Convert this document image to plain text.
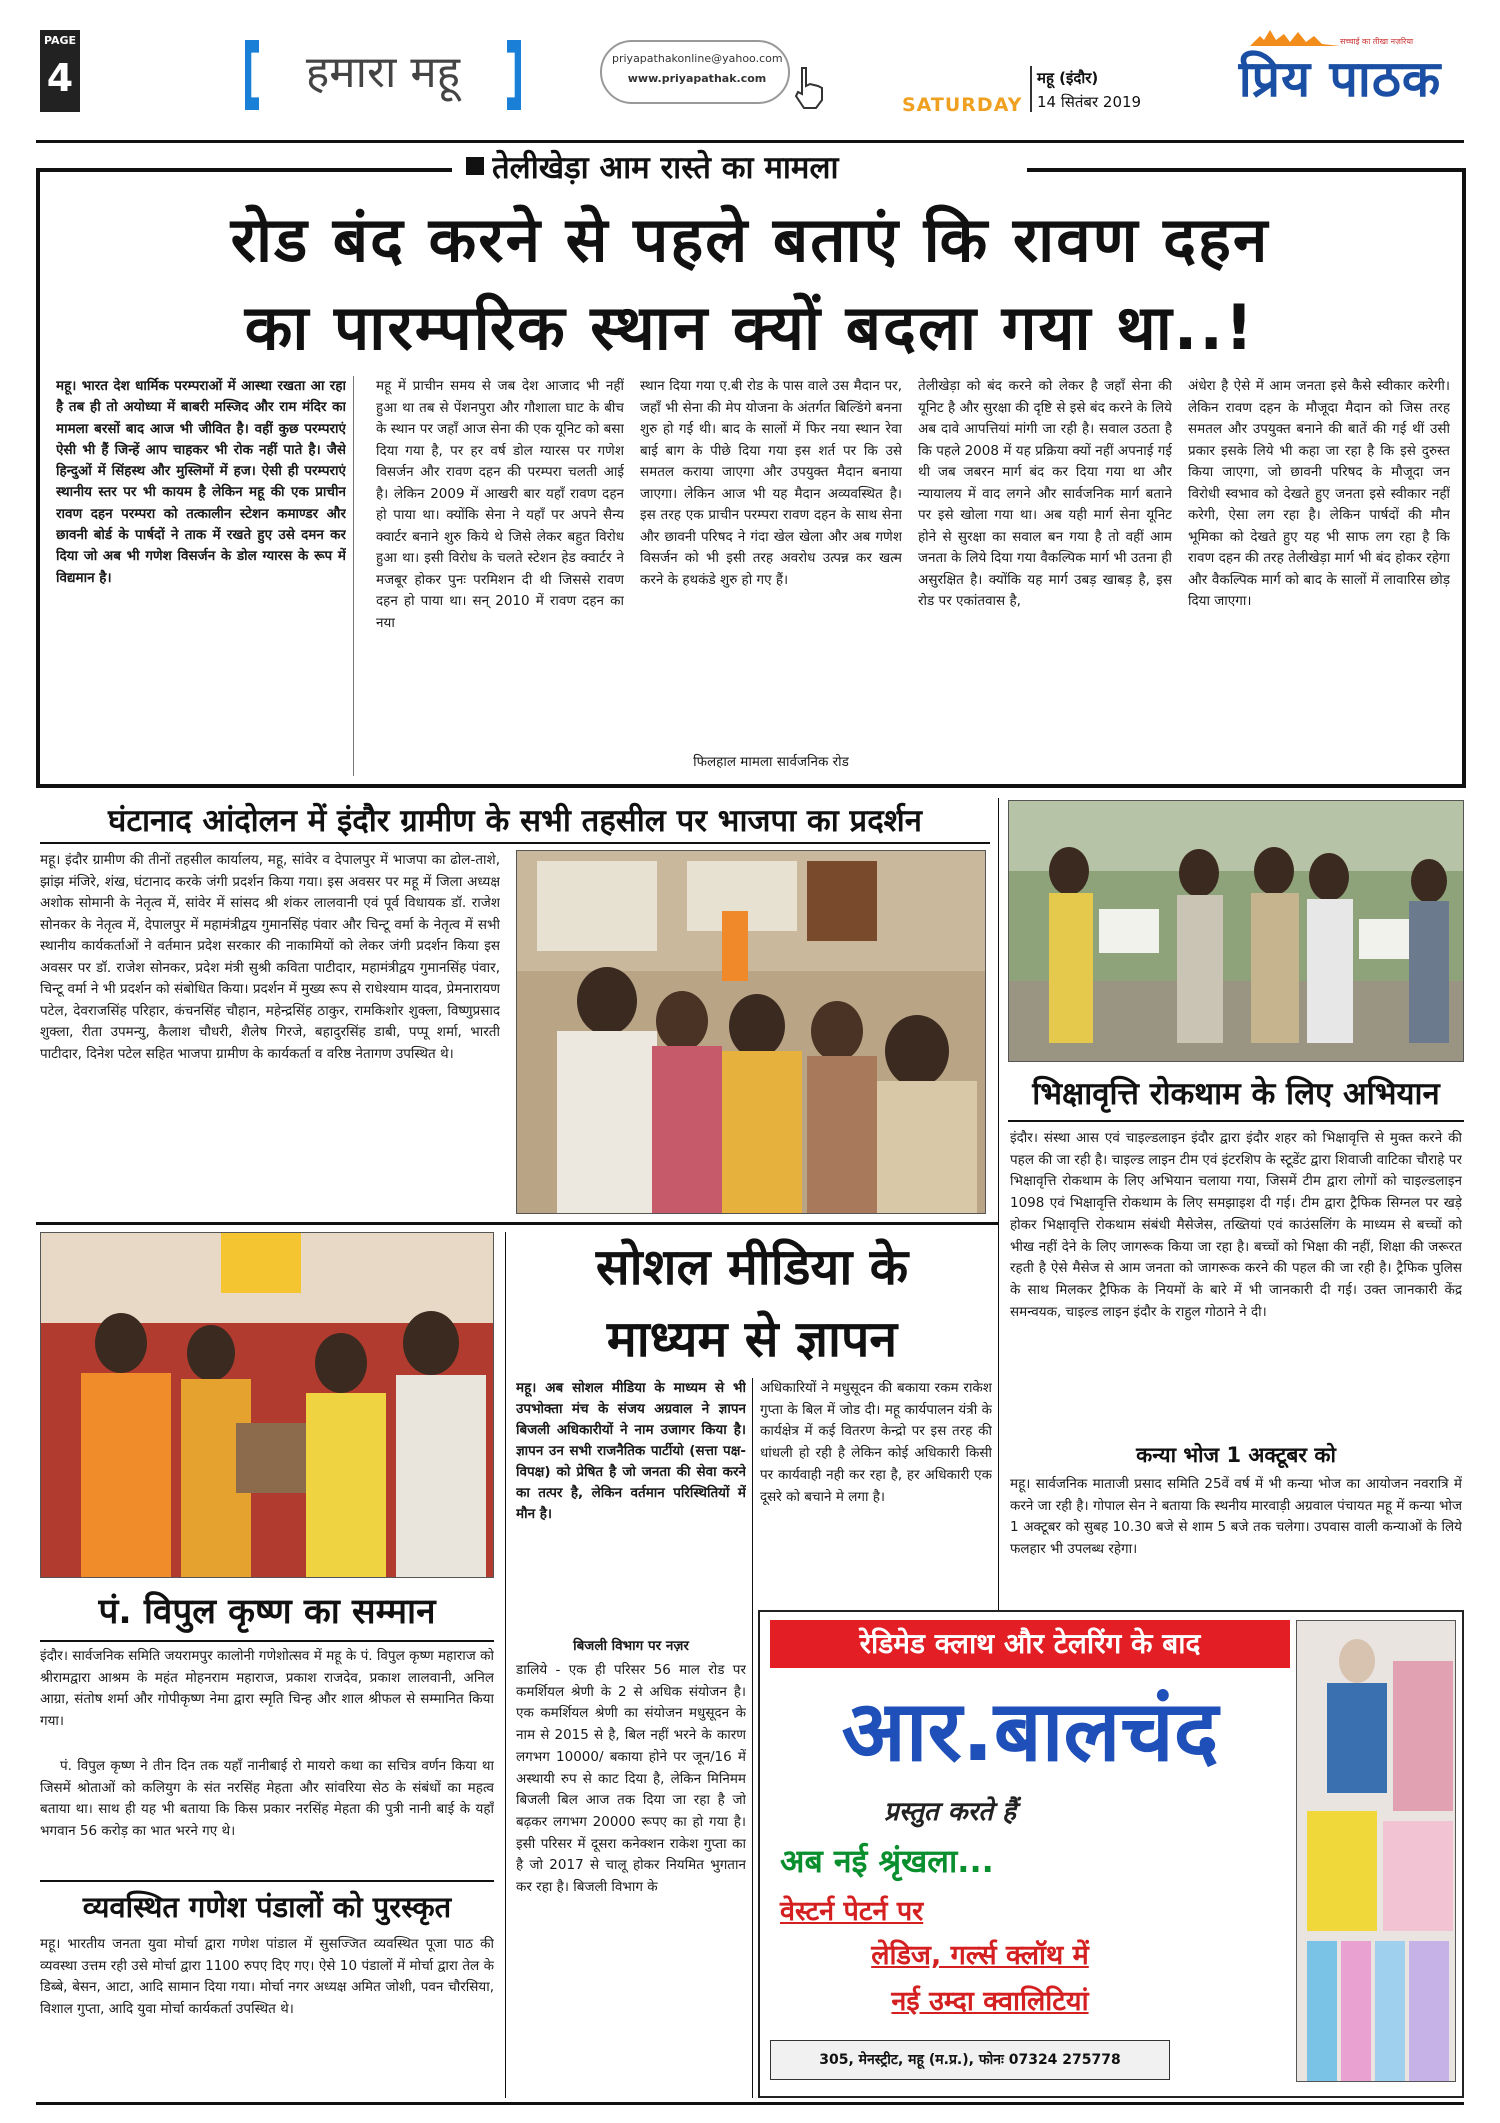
PAGE
4	हमारा महू	priyapathakonline@yahoo.com
www.priyapathak.com
SATURDAY
महू (इंदौर)
14 सितंबर 2019
सच्चाई का तीखा नज़रिया
प्रिय पाठक
तेलीखेड़ा आम रास्ते का मामला
रोड बंद करने से पहले बताएं कि रावण दहन
का पारम्परिक स्थान क्यों बदला गया था..!
महू। भारत देश धार्मिक परम्पराओं में आस्था रखता आ रहा है तब ही तो अयोध्या में बाबरी मस्जिद और राम मंदिर का मामला बरसों बाद आज भी जीवित है। वहीं कुछ परम्पराएं ऐसी भी हैं जिन्हें आप चाहकर भी रोक नहीं पाते है। जैसे हिन्दुओं में सिंहस्थ और मुस्लिमों में हज। ऐसी ही परम्पराएं स्थानीय स्तर पर भी कायम है लेकिन महू की एक प्राचीन रावण दहन परम्परा को तत्कालीन स्टेशन कमाण्डर और छावनी बोर्ड के पार्षदों ने ताक में रखते हुए उसे दमन कर दिया जो अब भी गणेश विसर्जन के डोल ग्यारस के रूप में विद्यमान है।
महू में प्राचीन समय से जब देश आजाद भी नहीं हुआ था तब से पेंशनपुरा और गौशाला घाट के बीच के स्थान पर जहाँ आज सेना की एक यूनिट को बसा दिया गया है, पर हर वर्ष डोल ग्यारस पर गणेश विसर्जन और रावण दहन की परम्परा चलती आई है। लेकिन 2009 में आखरी बार यहाँ रावण दहन हो पाया था। क्योंकि सेना ने यहाँ पर अपने सैन्य क्वार्टर बनाने शुरु किये थे जिसे लेकर बहुत विरोध हुआ था। इसी विरोध के चलते स्टेशन हेड क्वार्टर ने मजबूर होकर पुनः परमिशन दी थी जिससे रावण दहन हो पाया था। सन् 2010 में रावण दहन का नया
स्थान दिया गया ए.बी रोड के पास वाले उस मैदान पर, जहाँ भी सेना की मेप योजना के अंतर्गत बिल्डिंगे बनना शुरु हो गई थी। बाद के सालों में फिर नया स्थान रेवा बाई बाग के पीछे दिया गया इस शर्त पर कि उसे समतल कराया जाएगा और उपयुक्त मैदान बनाया जाएगा। लेकिन आज भी यह मैदान अव्यवस्थित है। इस तरह एक प्राचीन परम्परा रावण दहन के साथ सेना और छावनी परिषद ने गंदा खेल खेला और अब गणेश विसर्जन को भी इसी तरह अवरोध उत्पन्न कर खत्म करने के हथकंडे शुरु हो गए हैं।
फिलहाल मामला सार्वजनिक रोड
तेलीखेड़ा को बंद करने को लेकर है जहाँ सेना की यूनिट है और सुरक्षा की दृष्टि से इसे बंद करने के लिये अब दावे आपत्तियां मांगी जा रही है। सवाल उठता है कि पहले 2008 में यह प्रक्रिया क्यों नहीं अपनाई गई थी जब जबरन मार्ग बंद कर दिया गया था और न्यायालय में वाद लगने और सार्वजनिक मार्ग बताने पर इसे खोला गया था। अब यही मार्ग सेना यूनिट होने से सुरक्षा का सवाल बन गया है तो वहीं आम जनता के लिये दिया गया वैकल्पिक मार्ग भी उतना ही असुरक्षित है। क्योंकि यह मार्ग उबड़ खाबड़ है, इस रोड पर एकांतवास है,
अंधेरा है ऐसे में आम जनता इसे कैसे स्वीकार करेगी। लेकिन रावण दहन के मौजूदा मैदान को जिस तरह समतल और उपयुक्त बनाने की बातें की गई थीं उसी प्रकार इसके लिये भी कहा जा रहा है कि इसे दुरुस्त किया जाएगा, जो छावनी परिषद के मौजूदा जन विरोधी स्वभाव को देखते हुए जनता इसे स्वीकार नहीं करेगी, ऐसा लग रहा है। लेकिन पार्षदों की मौन भूमिका को देखते हुए यह भी साफ लग रहा है कि रावण दहन की तरह तेलीखेड़ा मार्ग भी बंद होकर रहेगा और वैकल्पिक मार्ग को बाद के सालों में लावारिस छोड़ दिया जाएगा।
घंटानाद आंदोलन में इंदौर ग्रामीण के सभी तहसील पर भाजपा का प्रदर्शन
महू। इंदौर ग्रामीण की तीनों तहसील कार्यालय, महू, सांवेर व देपालपुर में भाजपा का ढोल-ताशे, झांझ मंजिरे, शंख, घंटानाद करके जंगी प्रदर्शन किया गया। इस अवसर पर महू में जिला अध्यक्ष अशोक सोमानी के नेतृत्व में, सांवेर में सांसद श्री शंकर लालवानी एवं पूर्व विधायक डॉ. राजेश सोनकर के नेतृत्व में, देपालपुर में महामंत्रीद्वय गुमानसिंह पंवार और चिन्टू वर्मा के नेतृत्व में सभी स्थानीय कार्यकर्ताओं ने वर्तमान प्रदेश सरकार की नाकामियों को लेकर जंगी प्रदर्शन किया इस अवसर पर डॉ. राजेश सोनकर, प्रदेश मंत्री सुश्री कविता पाटीदार, महामंत्रीद्वय गुमानसिंह पंवार, चिन्टू वर्मा ने भी प्रदर्शन को संबोधित किया। प्रदर्शन में मुख्य रूप से राधेश्याम यादव, प्रेमनारायण पटेल, देवराजसिंह परिहार, कंचनसिंह चौहान, महेन्द्रसिंह ठाकुर, रामकिशोर शुक्ला, विष्णुप्रसाद शुक्ला, रीता उपमन्यु, कैलाश चौधरी, शैलेष गिरजे, बहादुरसिंह डाबी, पप्पू शर्मा, भारती पाटीदार, दिनेश पटेल सहित भाजपा ग्रामीण के कार्यकर्ता व वरिष्ठ नेतागण उपस्थित थे।
भिक्षावृत्ति रोकथाम के लिए अभियान
इंदौर। संस्था आस एवं चाइल्डलाइन इंदौर द्वारा इंदौर शहर को भिक्षावृत्ति से मुक्त करने की पहल की जा रही है। चाइल्ड लाइन टीम एवं इंटरशिप के स्टूडेंट द्वारा शिवाजी वाटिका चौराहे पर भिक्षावृत्ति रोकथाम के लिए अभियान चलाया गया, जिसमें टीम द्वारा लोगों को चाइल्डलाइन 1098 एवं भिक्षावृत्ति रोकथाम के लिए समझाइश दी गई। टीम द्वारा ट्रैफिक सिग्नल पर खड़े होकर भिक्षावृत्ति रोकथाम संबंधी मैसेजेस, तख्तियां एवं काउंसलिंग के माध्यम से बच्चों को भीख नहीं देने के लिए जागरूक किया जा रहा है। बच्चों को भिक्षा की नहीं, शिक्षा की जरूरत रहती है ऐसे मैसेज से आम जनता को जागरूक करने की पहल की जा रही है। ट्रैफिक पुलिस के साथ मिलकर ट्रैफिक के नियमों के बारे में भी जानकारी दी गई। उक्त जानकारी केंद्र समन्वयक, चाइल्ड लाइन इंदौर के राहुल गोठाने ने दी।
कन्या भोज 1 अक्टूबर को
महू। सार्वजनिक माताजी प्रसाद समिति 25वें वर्ष में भी कन्या भोज का आयोजन नवरात्रि में करने जा रही है। गोपाल सेन ने बताया कि स्थनीय मारवाड़ी अग्रवाल पंचायत महू में कन्या भोज 1 अक्टूबर को सुबह 10.30 बजे से शाम 5 बजे तक चलेगा। उपवास वाली कन्याओं के लिये फलहार भी उपलब्ध रहेगा।
पं. विपुल कृष्ण का सम्मान
इंदौर। सार्वजनिक समिति जयरामपुर कालोनी गणेशोत्सव में महू के पं. विपुल कृष्ण महाराज को श्रीरामद्वारा आश्रम के महंत मोहनराम महाराज, प्रकाश राजदेव, प्रकाश लालवानी, अनिल आग्रा, संतोष शर्मा और गोपीकृष्ण नेमा द्वारा स्मृति चिन्ह और शाल श्रीफल से सम्मानित किया गया।
पं. विपुल कृष्ण ने तीन दिन तक यहाँ नानीबाई रो मायरो कथा का सचित्र वर्णन किया था जिसमें श्रोताओं को कलियुग के संत नरसिंह मेहता और सांवरिया सेठ के संबंधों का महत्व बताया था। साथ ही यह भी बताया कि किस प्रकार नरसिंह मेहता की पुत्री नानी बाई के यहाँ भगवान 56 करोड़ का भात भरने गए थे।
व्यवस्थित गणेश पंडालों को पुरस्कृत
महू। भारतीय जनता युवा मोर्चा द्वारा गणेश पांडाल में सुसज्जित व्यवस्थित पूजा पाठ की व्यवस्था उत्तम रही उसे मोर्चा द्वारा 1100 रुपए दिए गए। ऐसे 10 पंडालों में मोर्चा द्वारा तेल के डिब्बे, बेसन, आटा, आदि सामान दिया गया। मोर्चा नगर अध्यक्ष अमित जोशी, पवन चौरसिया, विशाल गुप्ता, आदि युवा मोर्चा कार्यकर्ता उपस्थित थे।
सोशल मीडिया के
माध्यम से ज्ञापन
महू। अब सोशल मीडिया के माध्यम से भी उपभोक्ता मंच के संजय अग्रवाल ने ज्ञापन बिजली अधिकारीयों ने नाम उजागर किया है। ज्ञापन उन सभी राजनैतिक पार्टीयो (सत्ता पक्ष-विपक्ष) को प्रेषित है जो जनता की सेवा करने का तत्पर है, लेकिन वर्तमान परिस्थितियों में मौन है।
बिजली विभाग पर नज़र
डालिये - एक ही परिसर 56 माल रोड पर कमर्शियल श्रेणी के 2 से अधिक संयोजन है। एक कमर्शियल श्रेणी का संयोजन मधुसूदन के नाम से 2015 से है, बिल नहीं भरने के कारण लगभग 10000/ बकाया होने पर जून/16 में अस्थायी रुप से काट दिया है, लेकिन मिनिमम बिजली बिल आज तक दिया जा रहा है जो बढ़कर लगभग 20000 रूपए का हो गया है। इसी परिसर में दूसरा कनेक्शन राकेश गुप्ता का है जो 2017 से चालू होकर नियमित भुगतान कर रहा है। बिजली विभाग के
अधिकारियों ने मधुसूदन की बकाया रकम राकेश गुप्ता के बिल में जोड दी। महू कार्यपालन यंत्री के कार्यक्षेत्र में कई वितरण केन्द्रो पर इस तरह की धांधली हो रही है लेकिन कोई अधिकारी किसी पर कार्यवाही नही कर रहा है, हर अधिकारी एक दूसरे को बचाने मे लगा है।
रेडिमेड क्लाथ और टेलरिंग के बाद
आर.बालचंद
प्रस्तुत करते हैं
अब नई श्रृंखला...
वेस्टर्न पेटर्न पर
लेडिज, गर्ल्स क्लॉथ में
नई उम्दा क्वालिटियां
305, मेनस्ट्रीट, महू (म.प्र.), फोनः 07324 275778
